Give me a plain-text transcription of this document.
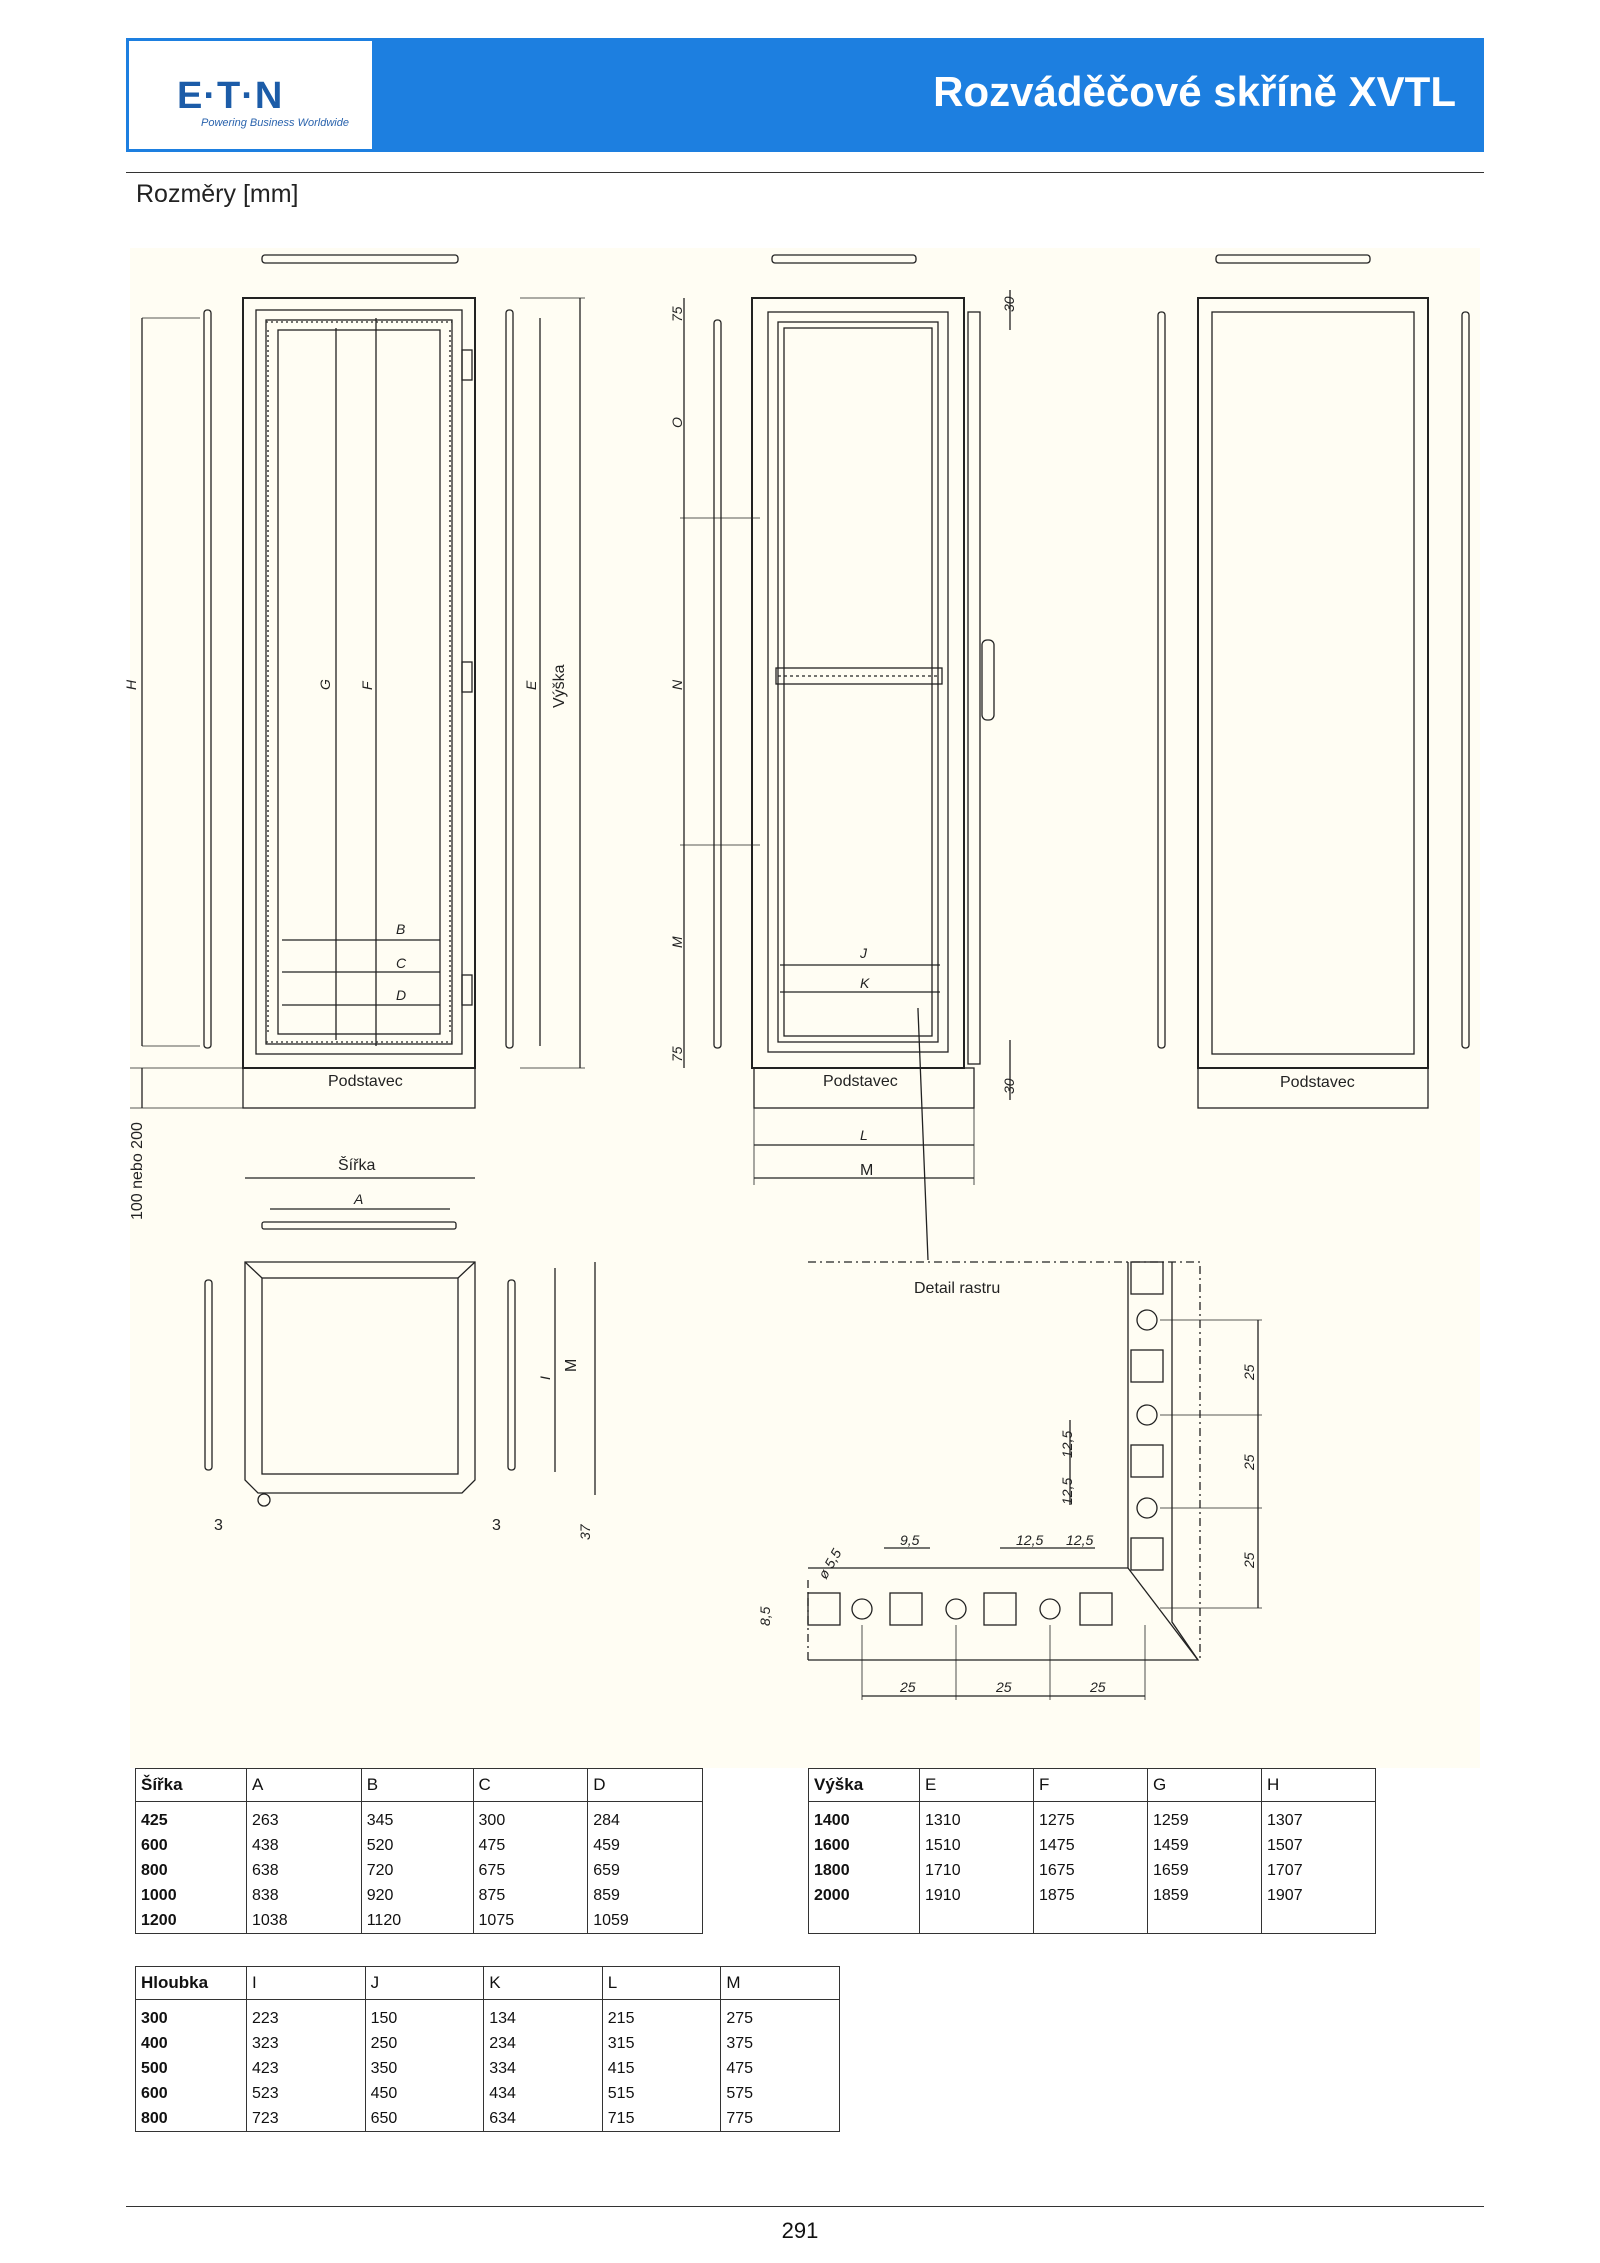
E·T·N
Powering Business Worldwide
Rozváděčové skříně XVTL
Rozměry [mm]
Podstavec	Podstavec	Podstavec
Výška
Šířka
100 nebo 200
Detail rastru
M
H	G F	E
B
C
D
O
N
M
75
75
30
30
J
K
L
A
I
37
25
25
25
12,5
12,5
9,5	12,5 12,5
ø 5,5
8,5
25	25	25
M
3	3
Šířka	A	B	C	D
425	263	345	300	284
600	438	520	475	459
800	638	720	675	659
1000	838	920	875	859
1200	1038	1120	1075	1059
Výška	E	F	G	H
1400	1310	1275	1259	1307
1600	1510	1475	1459	1507
1800	1710	1675	1659	1707
2000	1910	1875	1859	1907

Hloubka	I	J	K	L	M
300	223	150	134	215	275
400	323	250	234	315	375
500	423	350	334	415	475
600	523	450	434	515	575
800	723	650	634	715	775
291
